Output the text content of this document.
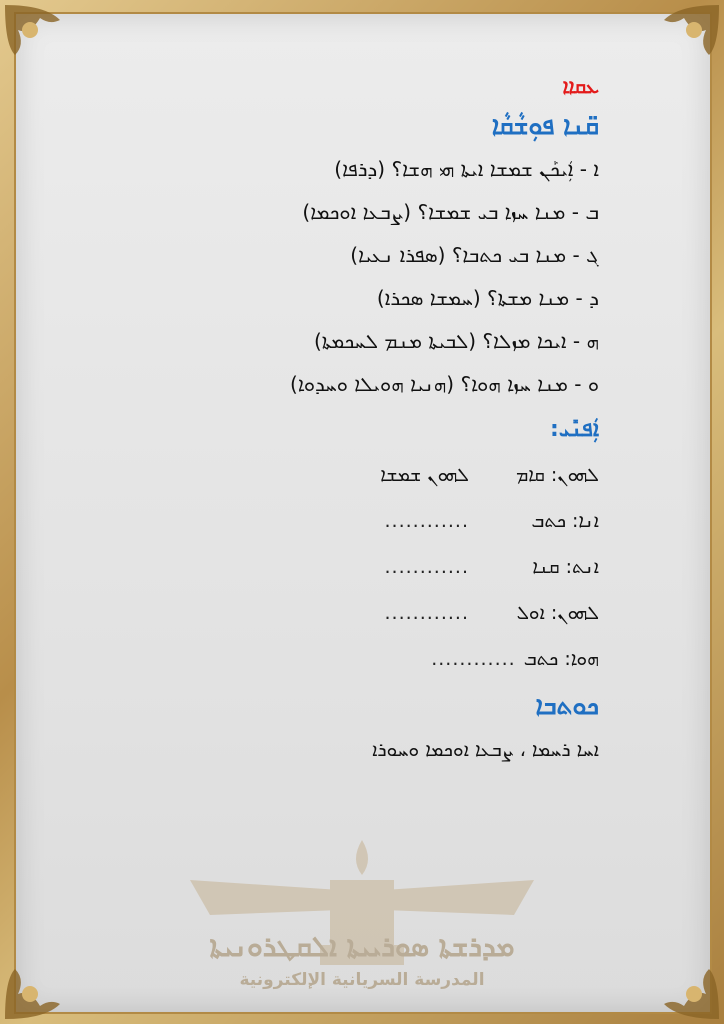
ܡܕܪܫܬܐ ܣܘܪܝܝܬܐ ܐܠܩܛܪܘܢܝܬܐ
المدرسة السريانية الإلكترونية
ܥܩܐܐ
ܩ̈ܢܐ ܦܘܼܫܵܩܵܐ
ܐ - ܐܲܝܟܰܢ ܫܡܫܐ ܐܝܬܐ ܗܝ ܗܫܐ؟ (ܕܪܦܐ)
ܒ - ܡܢܐ ܚܙܐ ܒܝ ܫܡܫܐ؟ (ܨܒܥܐ ܐܘܟܡܐ)
ܓ - ܡܢܐ ܒܝ ܟܬܒܐ؟ (ܣܦܪܐ ܢܥܝܐ)
ܕ - ܡܢܐ ܡܫܬܐ؟ (ܚܡܫܐ ܣܟܪܐ)
ܗ - ܐܝܟܐ ܡܙܠܐ؟ (ܠܒܝܬܐ ܡܢܡ ܠܚܟܡܬܐ)
ܘ - ܡܢܐ ܚܙܐ ܗܘܐ؟ (ܗܢܝܐ ܗܘܝܠܐ ܘܚܕܘܐ)
ܐܲܦܢܺܝ:
ܠܗܘܢ: ܩܐܡ
ܠܗܘܢ ܫܡܫܐ
ܐܢܐ: ܟܬܒ
............
ܐܢܬ: ܩܢܐ
............
ܠܗܘܢ: ܐܘܠ
............
ܗܘܐ: ܟܬܒ
............
ܟܘܬܒܐ
ܐܚܐ ܪܚܡܐ ، ܨܒܥܐ ܐܘܟܡܐ ܘܚܘܪܐ
